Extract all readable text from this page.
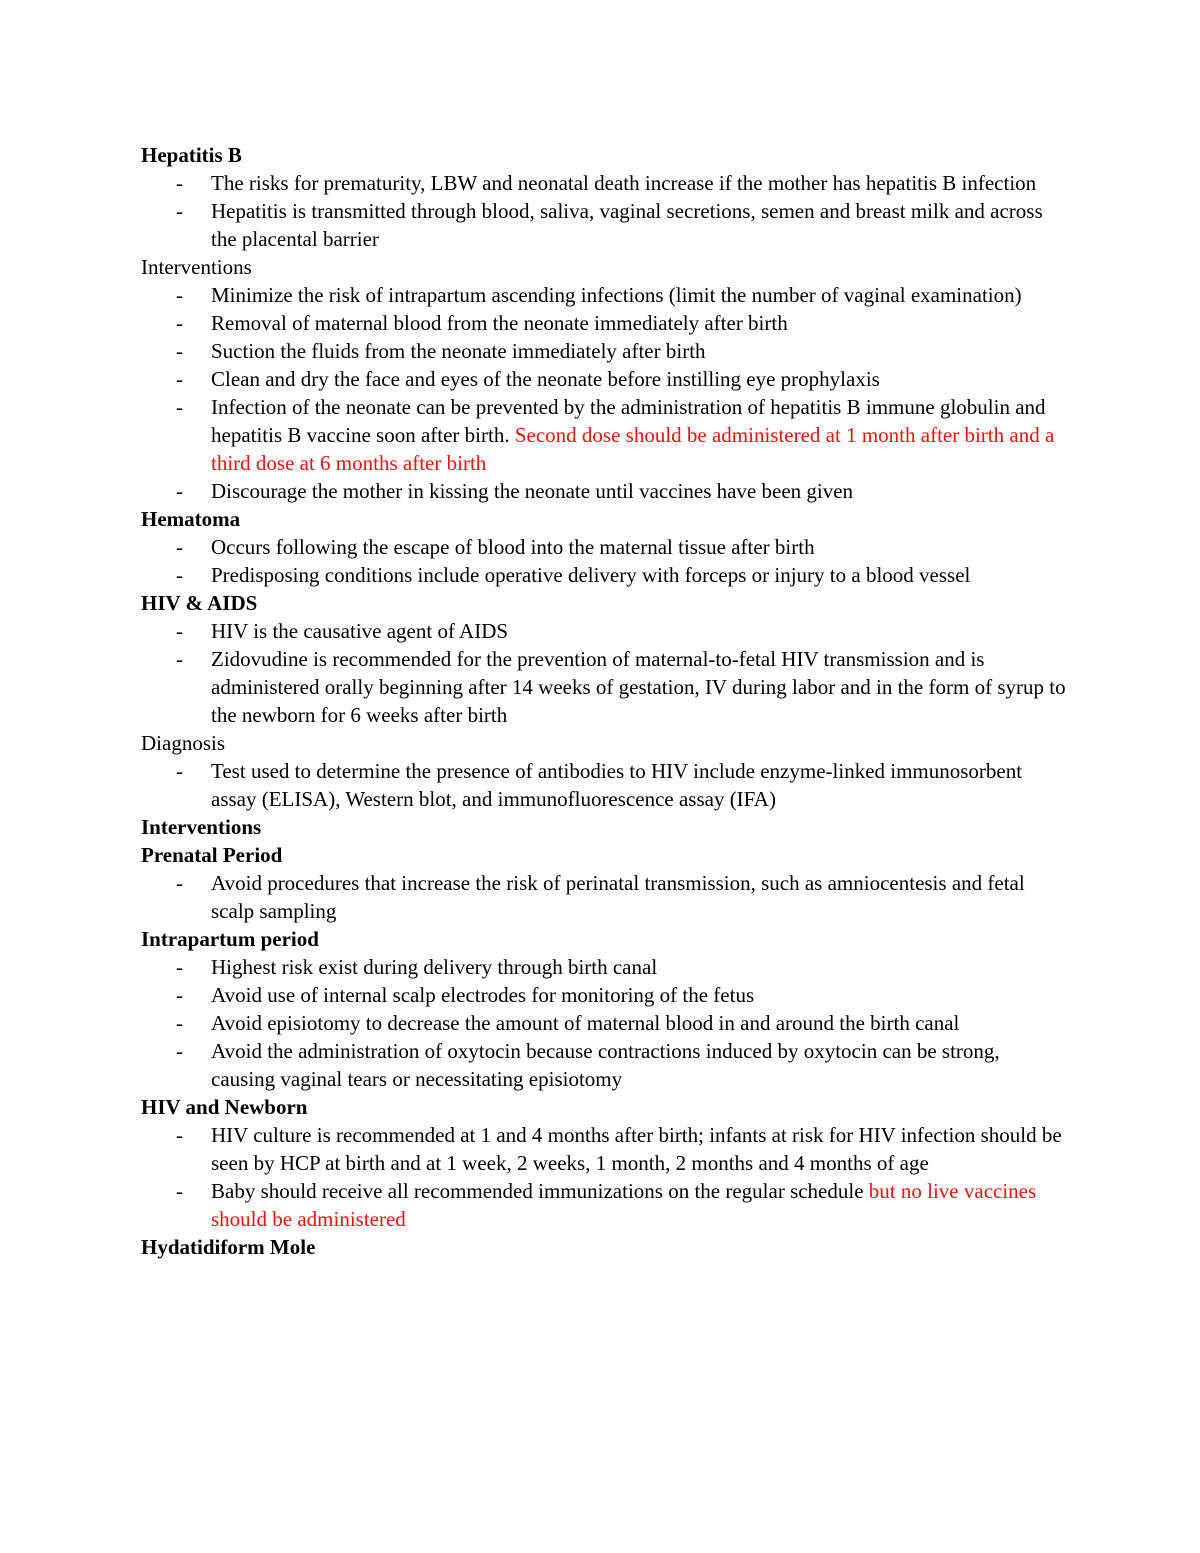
Hepatitis B
- The risks for prematurity, LBW and neonatal death increase if the mother has hepatitis B infection
- Hepatitis is transmitted through blood, saliva, vaginal secretions, semen and breast milk and across the placental barrier
Interventions
- Minimize the risk of intrapartum ascending infections (limit the number of vaginal examination)
- Removal of maternal blood from the neonate immediately after birth
- Suction the fluids from the neonate immediately after birth
- Clean and dry the face and eyes of the neonate before instilling eye prophylaxis
- Infection of the neonate can be prevented by the administration of hepatitis B immune globulin and hepatitis B vaccine soon after birth. Second dose should be administered at 1 month after birth and a third dose at 6 months after birth
- Discourage the mother in kissing the neonate until vaccines have been given
Hematoma
- Occurs following the escape of blood into the maternal tissue after birth
- Predisposing conditions include operative delivery with forceps or injury to a blood vessel
HIV & AIDS
- HIV is the causative agent of AIDS
- Zidovudine is recommended for the prevention of maternal-to-fetal HIV transmission and is administered orally beginning after 14 weeks of gestation, IV during labor and in the form of syrup to the newborn for 6 weeks after birth
Diagnosis
- Test used to determine the presence of antibodies to HIV include enzyme-linked immunosorbent assay (ELISA), Western blot, and immunofluorescence assay (IFA)
Interventions
Prenatal Period
- Avoid procedures that increase the risk of perinatal transmission, such as amniocentesis and fetal scalp sampling
Intrapartum period
- Highest risk exist during delivery through birth canal
- Avoid use of internal scalp electrodes for monitoring of the fetus
- Avoid episiotomy to decrease the amount of maternal blood in and around the birth canal
- Avoid the administration of oxytocin because contractions induced by oxytocin can be strong, causing vaginal tears or necessitating episiotomy
HIV and Newborn
- HIV culture is recommended at 1 and 4 months after birth; infants at risk for HIV infection should be seen by HCP at birth and at 1 week, 2 weeks, 1 month, 2 months and 4 months of age
- Baby should receive all recommended immunizations on the regular schedule but no live vaccines should be administered
Hydatidiform Mole
